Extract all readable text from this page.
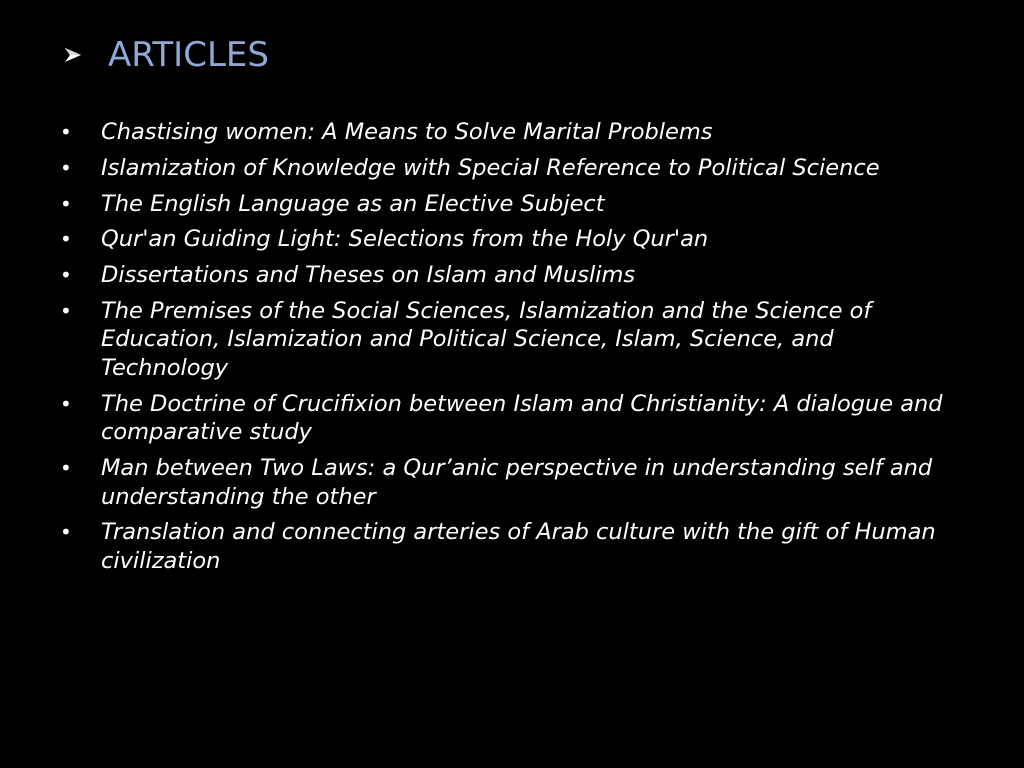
ARTICLES
• Chastising women: A Means to Solve Marital Problems
• Islamization of Knowledge with Special Reference to Political Science
• The English Language as an Elective Subject
• Qur'an Guiding Light: Selections from the Holy Qur'an
• Dissertations and Theses on Islam and Muslims
• The Premises of the Social Sciences, Islamization and the Science of Education, Islamization and Political Science, Islam, Science, and Technology
• The Doctrine of Crucifixion between Islam and Christianity: A dialogue and comparative study
• Man between Two Laws: a Qur’anic perspective in understanding self and understanding the other
• Translation and connecting arteries of Arab culture with the gift of Human civilization
